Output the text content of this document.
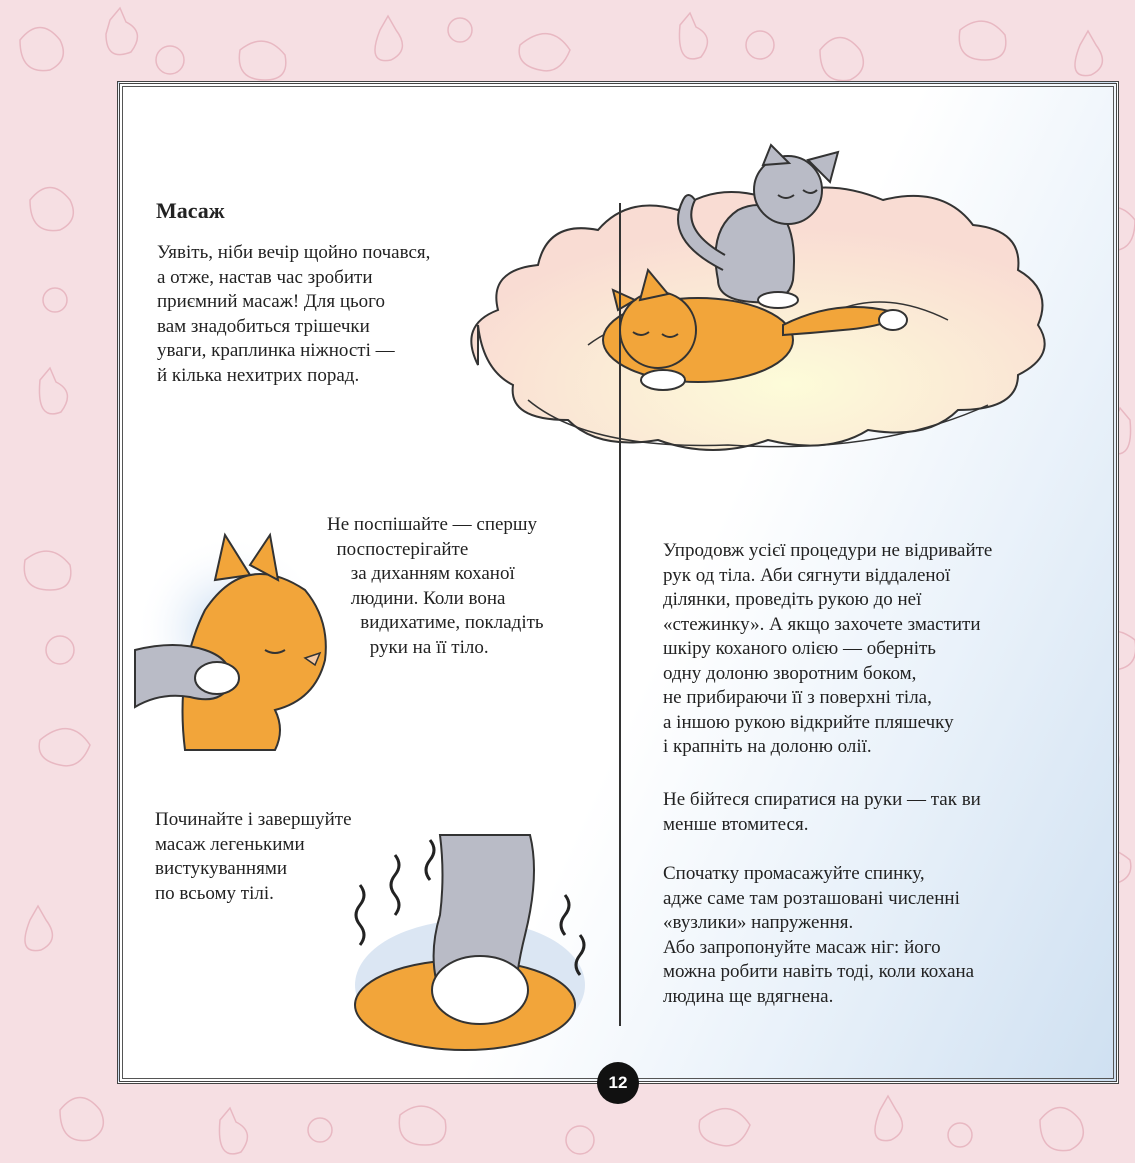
Масаж
Уявіть, ніби вечір щойно почався,
а отже, настав час зробити
приємний масаж! Для цього
вам знадобиться трішечки
уваги, краплинка ніжності —
й кілька нехитрих порад.
Не поспішайте — спершу
поспостерігайте
за диханням коханої
людини. Коли вона
видихатиме, покладіть
руки на її тіло.
Починайте і завершуйте
масаж легенькими
вистукуваннями
по всьому тілі.
Упродовж усієї процедури не відривайте
рук од тіла. Аби сягнути віддаленої
ділянки, проведіть рукою до неї
«стежинку». А якщо захочете змастити
шкіру коханого олією — оберніть
одну долоню зворотним боком,
не прибираючи її з поверхні тіла,
а іншою рукою відкрийте пляшечку
і крапніть на долоню олії.
Не бійтеся спиратися на руки — так ви
менше втомитеся.
Спочатку промасажуйте спинку,
адже саме там розташовані численні
«вузлики» напруження.
Або запропонуйте масаж ніг: його
можна робити навіть тоді, коли кохана
людина ще вдягнена.
12
